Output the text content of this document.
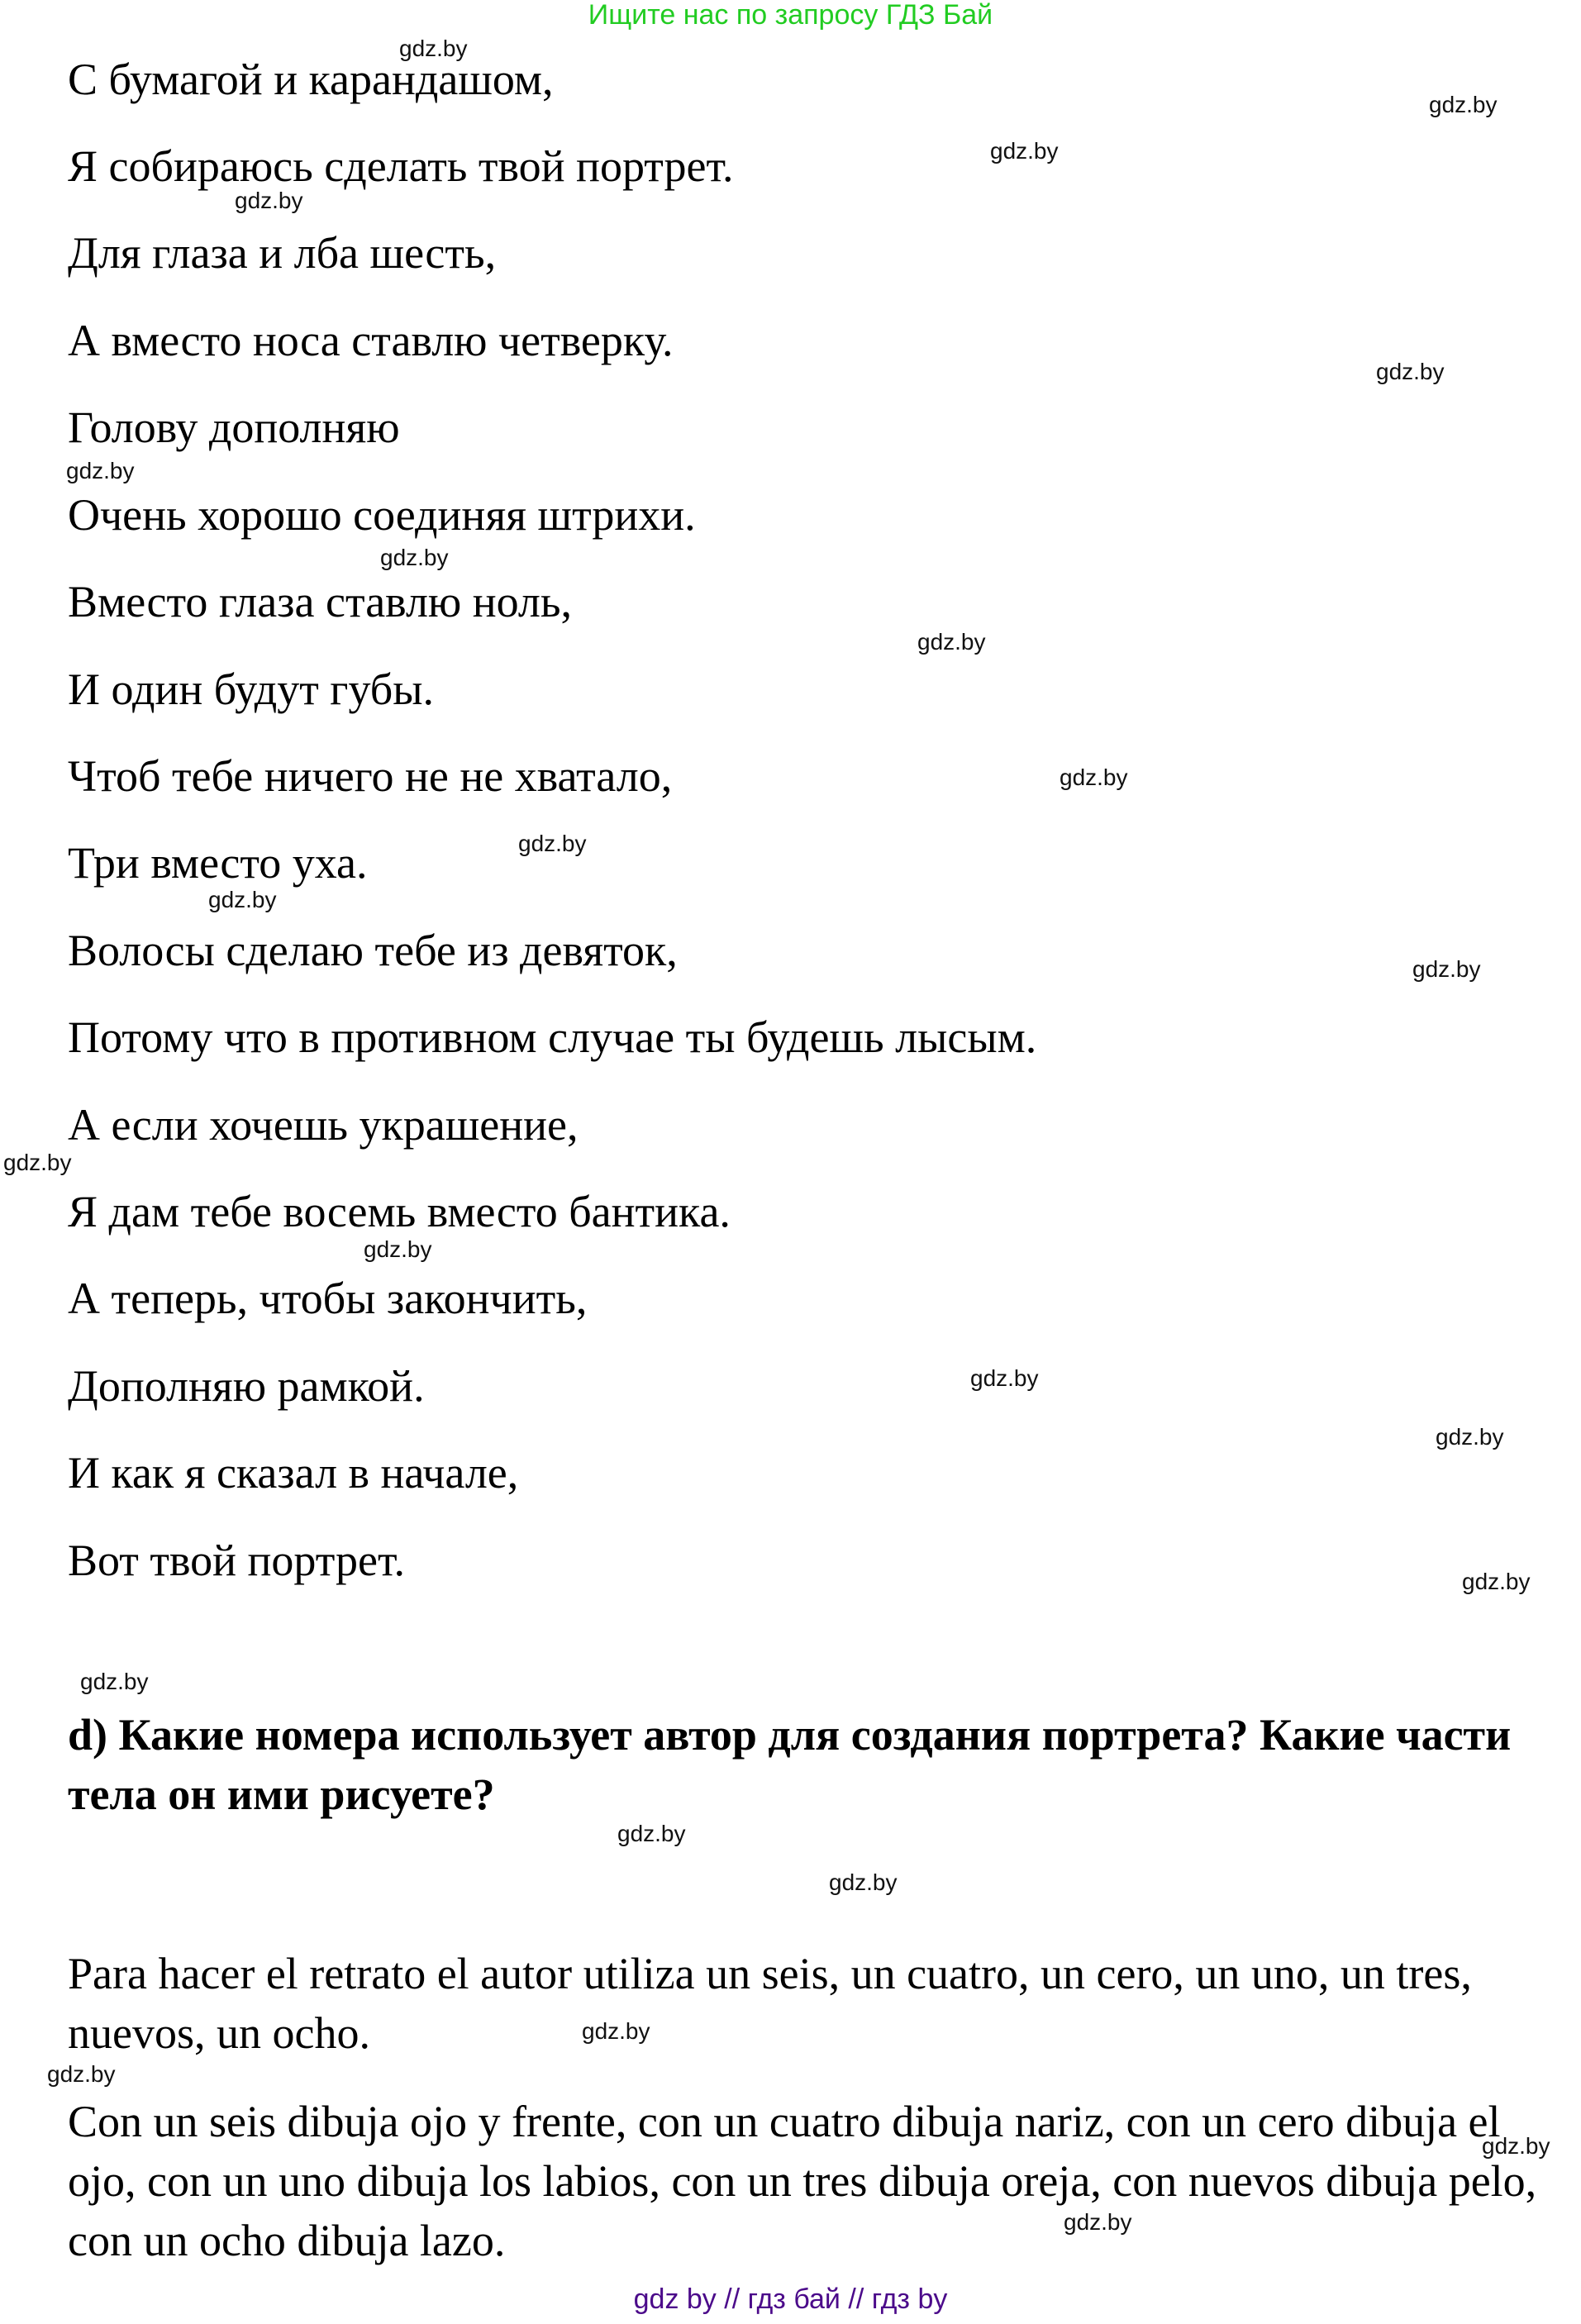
Ищите нас по запросу ГДЗ Бай
С бумагой и карандашом,
Я собираюсь сделать твой портрет.
Для глаза и лба шесть,
А вместо носа ставлю четверку.
Голову дополняю
Очень хорошо соединяя штрихи.
Вместо глаза ставлю ноль,
И один будут губы.
Чтоб тебе ничего не не хватало,
Три вместо уха.
Волосы сделаю тебе из девяток,
Потому что в противном случае ты будешь лысым.
А если хочешь украшение,
Я дам тебе восемь вместо бантика.
А теперь, чтобы закончить,
Дополняю рамкой.
И как я сказал в начале,
Вот твой портрет.
d) Какие номера использует автор для создания портрета? Какие части тела он ими рисуете?
Para hacer el retrato el autor utiliza un seis, un cuatro, un cero, un uno, un tres, nuevos, un ocho.
Con un seis dibuja ojo y frente, con un cuatro dibuja nariz, con un cero dibuja el ojo, con un uno dibuja los labios, con un tres dibuja oreja, con nuevos dibuja pelo, con un ocho dibuja lazo.
gdz.by
gdz.by
gdz.by
gdz.by
gdz.by
gdz.by
gdz.by
gdz.by
gdz.by
gdz.by
gdz.by
gdz.by
gdz.by
gdz.by
gdz.by
gdz.by
gdz.by
gdz.by
gdz.by
gdz.by
gdz.by
gdz.by
gdz.by
gdz.by
gdz by // гдз бай // гдз by
